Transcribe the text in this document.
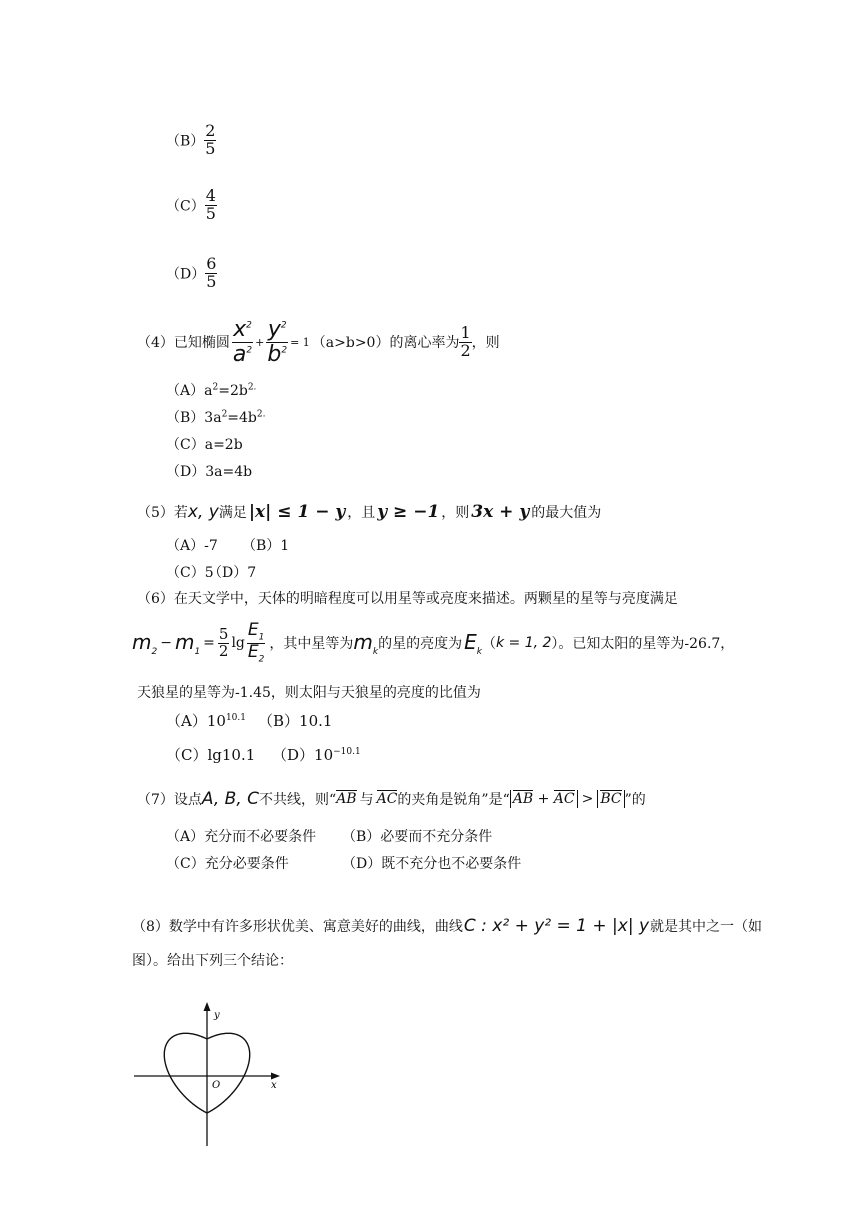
$(B) \frac{2}{5}$
$(C) \frac{4}{5}$
$(D) \frac{6}{5}$
（4） 已知椭圆 $\frac{x^2}{a^2} + \frac{y^2}{b^2} = 1$ （a>b>0）的离心率为 $\frac{1}{2}$ ，则
$(A)a^2=2b^{2.}$
$(B)3a^2=4b^{2.}$
（C）a=2b
（D）3a=4b
（5） 若 x, y 满足 |x| ≤ 1 − y ，且 y ≥ −1 ，则 3x + y 的最大值为
（A）-7 （B）1
（C）5（D）7
（6）在天文学中，天体的明暗程度可以用星等或亮度来描述。两颗星的星等与亮度满足
$m_2$
− $m_1$
= $\frac{5}{2}$ $\lg \frac{E_1}{E_2}$ ，其中星等为 $m_k$ 的星的亮度为 $E_k$ （ k = 1, 2 ）。已知太阳的星等为-26.7，
天狼星的星等为-1.45，则太阳与天狼星的亮度的比值为
$(A)10^{10.1}$ （B）10.1
（C）lg10.1 $(D)10^{-10.1}$
（7）设点 A, B, C 不共线，则“ AB 与 AC 的夹角是锐角”是“ AB + AC > BC ”的
（A）充分而不必要条件 （B）必要而不充分条件
（C）充分必要条件	（D）既不充分也不必要条件
（8）数学中有许多形状优美、寓意美好的曲线，曲线 C : x² + y² = 1 + |x| y 就是其中之一（如
图）。给出下列三个结论：
y
x
O
